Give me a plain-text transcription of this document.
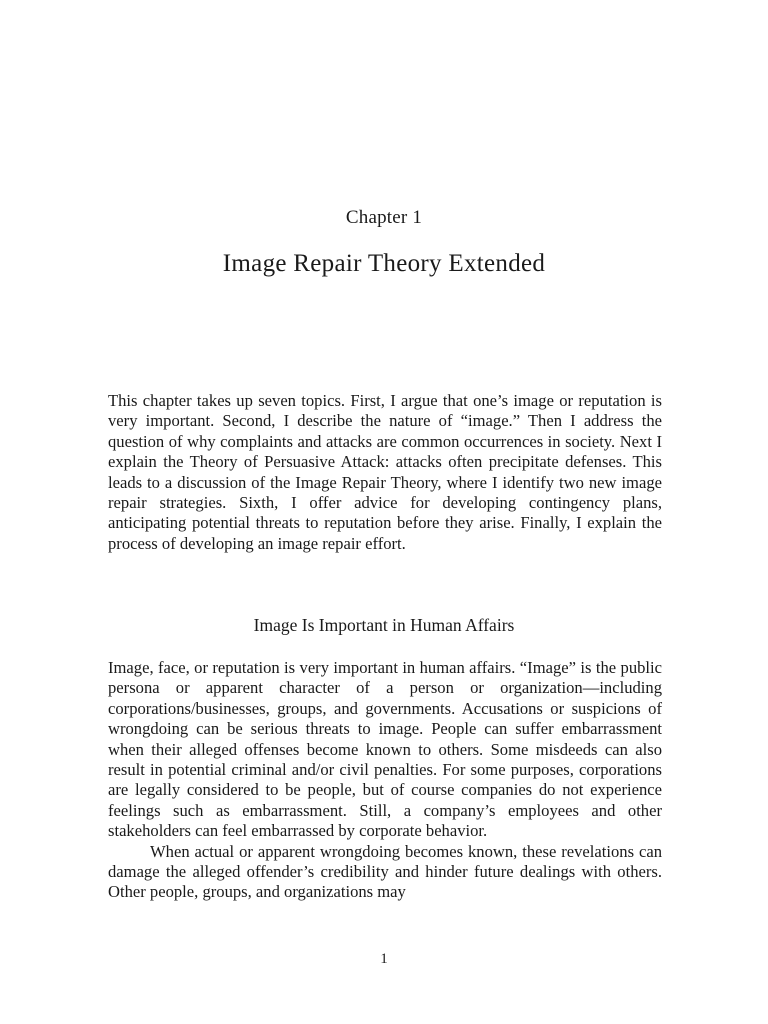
Chapter 1
Image Repair Theory Extended

This chapter takes up seven topics. First, I argue that one’s image or reputation is very important. Second, I describe the nature of “image.” Then I address the question of why complaints and attacks are common occurrences in society. Next I explain the Theory of Persuasive Attack: attacks often precipitate defenses. This leads to a discussion of the Image Repair Theory, where I identify two new image repair strategies. Sixth, I offer advice for developing contingency plans, anticipating potential threats to reputation before they arise. Finally, I explain the process of developing an image repair effort.

Image Is Important in Human Affairs

Image, face, or reputation is very important in human affairs. “Image” is the public persona or apparent character of a person or organization—including corporations/businesses, groups, and governments. Accusations or suspicions of wrongdoing can be serious threats to image. People can suffer embarrassment when their alleged offenses become known to others. Some misdeeds can also result in potential criminal and/or civil penalties. For some purposes, corporations are legally considered to be people, but of course companies do not experience feelings such as embarrassment. Still, a company’s employees and other stakeholders can feel embarrassed by corporate behavior.

When actual or apparent wrongdoing becomes known, these revelations can damage the alleged offender’s credibility and hinder future dealings with others. Other people, groups, and organizations may

1
